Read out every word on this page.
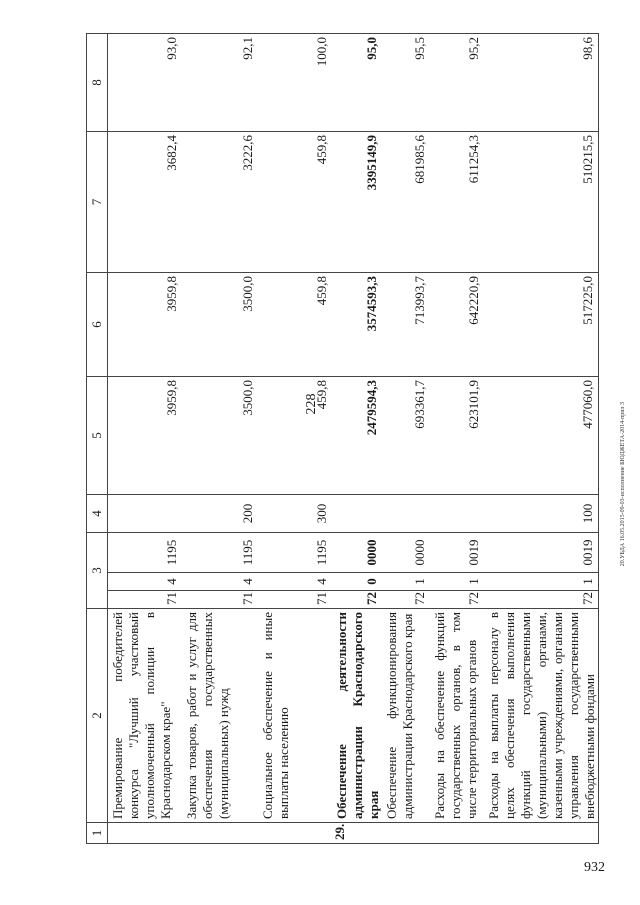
228
932
20.УБДА 16.05.2015-09-03-исполнение БЮДЖЕТА-2014-прил 3
1	2	3			4	5	6	7	8
	Премирование победителей конкурса "Лучший участковый уполномоченный полиции в Краснодарском крае"	71	4	1195		3959,8	3959,8	3682,4	93,0
	Закупка товаров, работ и услуг для обеспечения государственных (муниципальных) нужд	71	4	1195	200	3500,0	3500,0	3222,6	92,1
	Социальное обеспечение и иные выплаты населению	71	4	1195	300	459,8	459,8	459,8	100,0
29.	Обеспечение деятельности администрации Краснодарского края	72	0	0000		2479594,3	3574593,3	3395149,9	95,0
	Обеспечение функционирования администрации Краснодарского края	72	1	0000		693361,7	713993,7	681985,6	95,5
	Расходы на обеспечение функций государственных органов, в том числе территориальных органов	72	1	0019		623101,9	642220,9	611254,3	95,2
	Расходы на выплаты персоналу в целях обеспечения выполнения функций государственными (муниципальными) органами, казенными учреждениями, органами управления государственными внебюджетными фондами	72	1	0019	100	477060,0	517225,0	510215,5	98,6
